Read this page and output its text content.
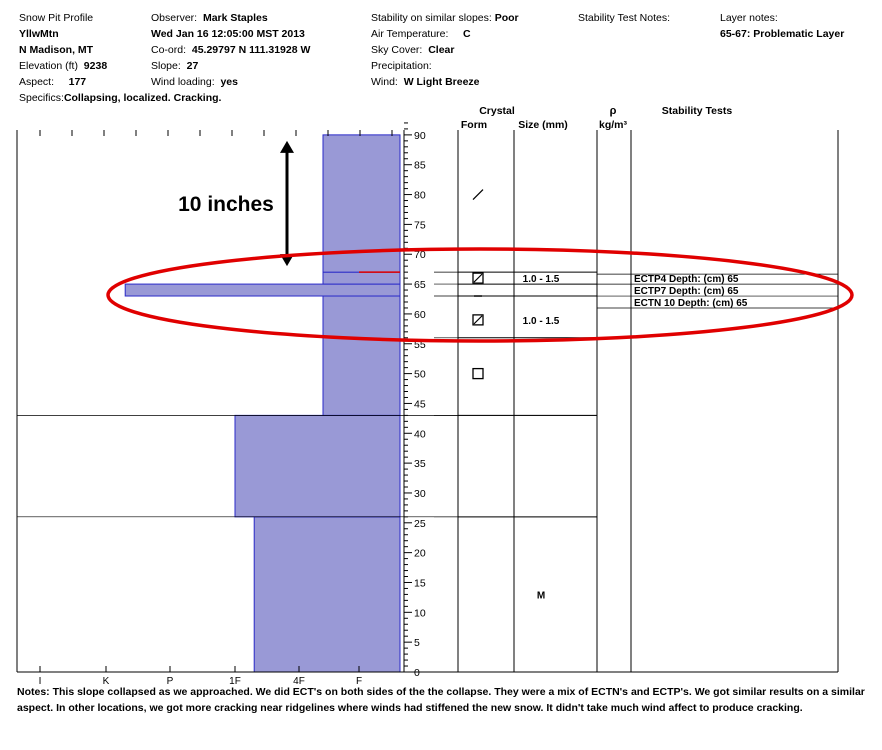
Snow Pit Profile
YllwMtn
N Madison, MT
Elevation (ft) 9238
Aspect: 177
Observer: Mark Staples
Wed Jan 16 12:05:00 MST 2013
Co-ord: 45.29797 N 111.31928 W
Slope: 27
Wind loading: yes
Stability on similar slopes: Poor
Air Temperature: C
Sky Cover: Clear
Precipitation:
Wind: W Light Breeze
Stability Test Notes:	Layer notes:
65-67: Problematic Layer
Specifics:Collapsing, localized. Cracking.
0
5
10
15
20
25
30
35
40
45
50
55
60
65
70
75
80
85
90
I	K	P	1F	4F	F
1.0 - 1.5
1.0 - 1.5
M
ECTP4 Depth: (cm) 65
ECTP7 Depth: (cm) 65
ECTN 10 Depth: (cm) 65
10 inches
Crystal
Form	Size (mm)
ρ
kg/m³
Stability Tests
Notes: This slope collapsed as we approached. We did ECT's on both sides of the the collapse. They were a mix of ECTN's and ECTP's. We got similar results on a similar aspect. In other locations, we got more cracking near ridgelines where winds had stiffened the new snow. It didn't take much wind affect to produce cracking.
